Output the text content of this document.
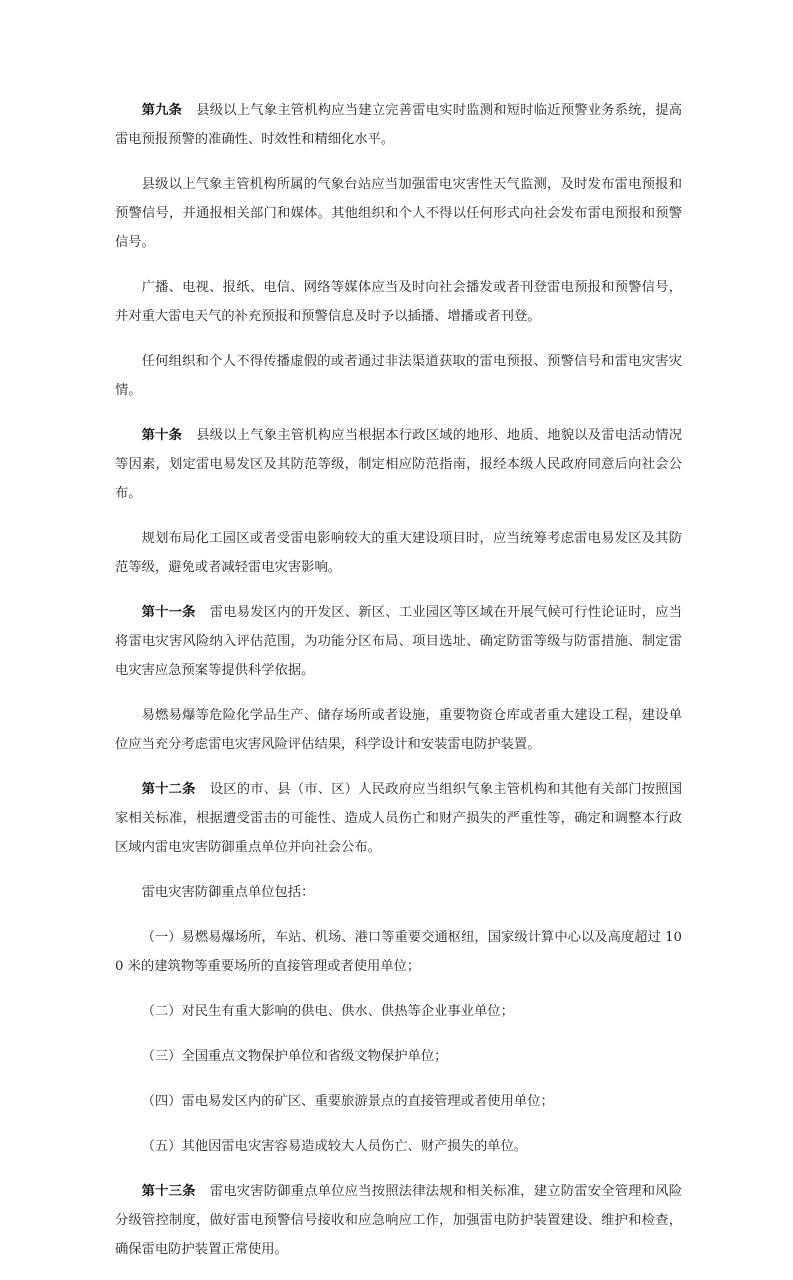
第九条 县级以上气象主管机构应当建立完善雷电实时监测和短时临近预警业务系统，提高雷电预报预警的准确性、时效性和精细化水平。

县级以上气象主管机构所属的气象台站应当加强雷电灾害性天气监测，及时发布雷电预报和预警信号，并通报相关部门和媒体。其他组织和个人不得以任何形式向社会发布雷电预报和预警信号。

广播、电视、报纸、电信、网络等媒体应当及时向社会播发或者刊登雷电预报和预警信号，并对重大雷电天气的补充预报和预警信息及时予以插播、增播或者刊登。

任何组织和个人不得传播虚假的或者通过非法渠道获取的雷电预报、预警信号和雷电灾害灾情。

第十条 县级以上气象主管机构应当根据本行政区域的地形、地质、地貌以及雷电活动情况等因素，划定雷电易发区及其防范等级，制定相应防范指南，报经本级人民政府同意后向社会公布。

规划布局化工园区或者受雷电影响较大的重大建设项目时，应当统筹考虑雷电易发区及其防范等级，避免或者减轻雷电灾害影响。

第十一条 雷电易发区内的开发区、新区、工业园区等区域在开展气候可行性论证时，应当将雷电灾害风险纳入评估范围，为功能分区布局、项目选址、确定防雷等级与防雷措施、制定雷电灾害应急预案等提供科学依据。

易燃易爆等危险化学品生产、储存场所或者设施，重要物资仓库或者重大建设工程，建设单位应当充分考虑雷电灾害风险评估结果，科学设计和安装雷电防护装置。

第十二条 设区的市、县（市、区）人民政府应当组织气象主管机构和其他有关部门按照国家相关标准，根据遭受雷击的可能性、造成人员伤亡和财产损失的严重性等，确定和调整本行政区域内雷电灾害防御重点单位并向社会公布。

雷电灾害防御重点单位包括：

（一）易燃易爆场所，车站、机场、港口等重要交通枢纽，国家级计算中心以及高度超过 100 米的建筑物等重要场所的直接管理或者使用单位；

（二）对民生有重大影响的供电、供水、供热等企业事业单位；

（三）全国重点文物保护单位和省级文物保护单位；

（四）雷电易发区内的矿区、重要旅游景点的直接管理或者使用单位；

（五）其他因雷电灾害容易造成较大人员伤亡、财产损失的单位。

第十三条 雷电灾害防御重点单位应当按照法律法规和相关标准，建立防雷安全管理和风险分级管控制度，做好雷电预警信号接收和应急响应工作，加强雷电防护装置建设、维护和检查，确保雷电防护装置正常使用。
